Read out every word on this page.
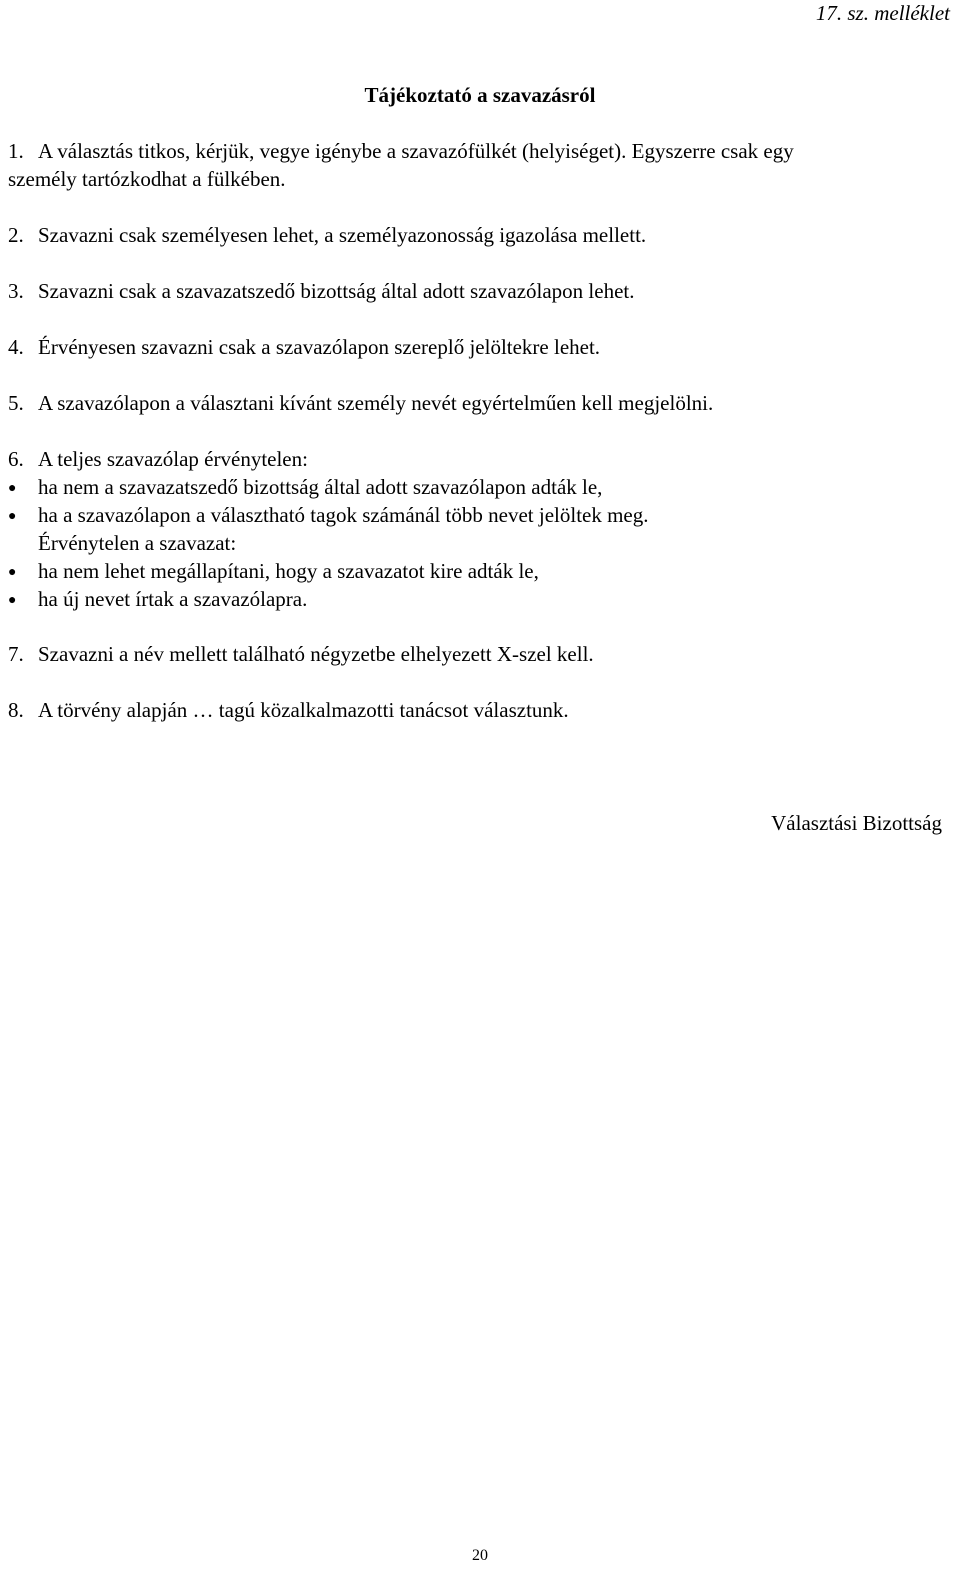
17. sz. melléklet
Tájékoztató a szavazásról
1. A választás titkos, kérjük, vegye igénybe a szavazófülkét (helyiséget). Egyszerre csak egy
személy tartózkodhat a fülkében.
2. Szavazni csak személyesen lehet, a személyazonosság igazolása mellett.
3. Szavazni csak a szavazatszedő bizottság által adott szavazólapon lehet.
4. Érvényesen szavazni csak a szavazólapon szereplő jelöltekre lehet.
5. A szavazólapon a választani kívánt személy nevét egyértelműen kell megjelölni.
6. A teljes szavazólap érvénytelen:
● ha nem a szavazatszedő bizottság által adott szavazólapon adták le,
● ha a szavazólapon a választható tagok számánál több nevet jelöltek meg.
Érvénytelen a szavazat:
● ha nem lehet megállapítani, hogy a szavazatot kire adták le,
● ha új nevet írtak a szavazólapra.
7. Szavazni a név mellett található négyzetbe elhelyezett X-szel kell.
8. A törvény alapján … tagú közalkalmazotti tanácsot választunk.
Választási Bizottság
20
